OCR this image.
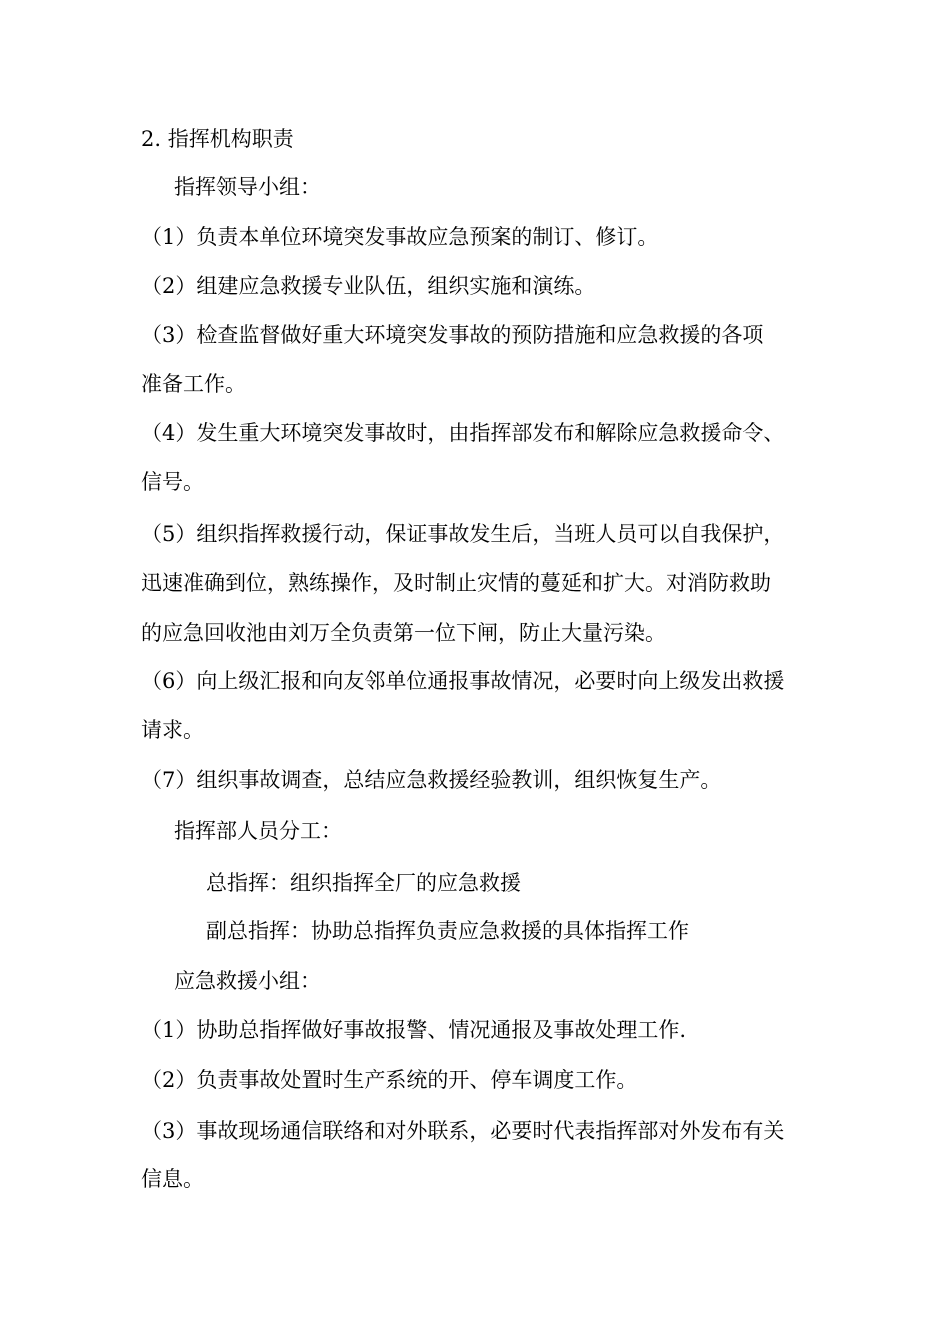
2. 指挥机构职责
指挥领导小组：
（1）负责本单位环境突发事故应急预案的制订、修订。
（2）组建应急救援专业队伍，组织实施和演练。
（3）检查监督做好重大环境突发事故的预防措施和应急救援的各项
准备工作。
（4）发生重大环境突发事故时，由指挥部发布和解除应急救援命令、
信号。
（5）组织指挥救援行动，保证事故发生后，当班人员可以自我保护，
迅速准确到位，熟练操作，及时制止灾情的蔓延和扩大。对消防救助
的应急回收池由刘万全负责第一位下闸，防止大量污染。
（6）向上级汇报和向友邻单位通报事故情况，必要时向上级发出救援
请求。
（7）组织事故调查，总结应急救援经验教训，组织恢复生产。
指挥部人员分工：
总指挥：组织指挥全厂的应急救援
副总指挥：协助总指挥负责应急救援的具体指挥工作
应急救援小组：
（1）协助总指挥做好事故报警、情况通报及事故处理工作.
（2）负责事故处置时生产系统的开、停车调度工作。
（3）事故现场通信联络和对外联系，必要时代表指挥部对外发布有关
信息。
